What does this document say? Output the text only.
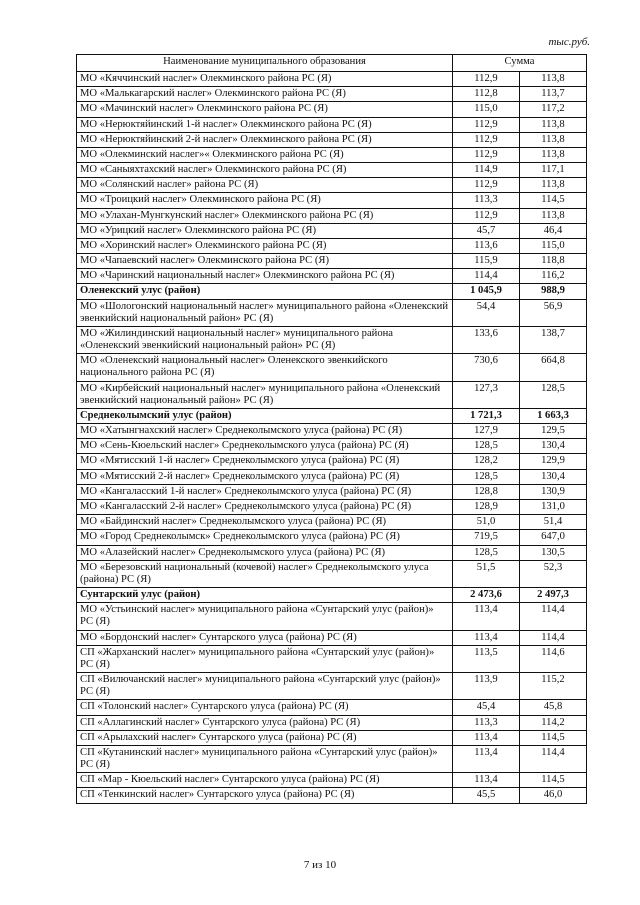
тыс.руб.
Наименование муниципального образования	Сумма	
МО «Кяччинский наслег» Олекминского района РС (Я)	112,9	113,8
МО «Малькагарский наслег» Олекминского района РС (Я)	112,8	113,7
МО «Мачинский наслег» Олекминского района РС (Я)	115,0	117,2
МО «Нерюктяйинский 1-й наслег» Олекминского района РС (Я)	112,9	113,8
МО «Нерюктяйинский 2-й наслег» Олекминского района РС (Я)	112,9	113,8
МО «Олекминский наслег»« Олекминского района РС (Я)	112,9	113,8
МО «Саныяхтахский наслег» Олекминского района РС (Я)	114,9	117,1
МО «Солянский наслег» района РС (Я)	112,9	113,8
МО «Троицкий наслег» Олекминского района РС (Я)	113,3	114,5
МО «Улахан-Мунгкунский наслег» Олекминского района РС (Я)	112,9	113,8
МО «Урицкий наслег» Олекминского района РС (Я)	45,7	46,4
МО «Хоринский наслег» Олекминского района РС (Я)	113,6	115,0
МО «Чапаевский наслег» Олекминского района РС (Я)	115,9	118,8
МО «Чаринский национальный наслег» Олекминского района РС (Я)	114,4	116,2
Оленекский улус (район)	1 045,9	988,9
МО «Шологонский национальный наслег» муниципального района «Оленекский эвенкийский национальный район» РС (Я)	54,4	56,9
МО «Жилиндинский национальный наслег» муниципального района «Оленекский эвенкийский национальный район» РС (Я)	133,6	138,7
МО «Оленекский национальный наслег» Оленекского эвенкийского национального района РС (Я)	730,6	664,8
МО «Кирбейский национальный наслег» муниципального района «Оленекский эвенкийский национальный район» РС (Я)	127,3	128,5
Среднеколымский улус (район)	1 721,3	1 663,3
МО «Хатынгнахский наслег» Среднеколымского улуса (района) РС (Я)	127,9	129,5
МО «Сень-Кюельский наслег» Среднеколымского улуса (района) РС (Я)	128,5	130,4
МО «Мятисский 1-й наслег» Среднеколымского улуса (района) РС (Я)	128,2	129,9
МО «Мятисский 2-й наслег» Среднеколымского улуса (района) РС (Я)	128,5	130,4
МО «Кангаласский 1-й наслег» Среднеколымского улуса (района) РС (Я)	128,8	130,9
МО «Кангаласский 2-й наслег» Среднеколымского улуса (района) РС (Я)	128,9	131,0
МО «Байдинский наслег» Среднеколымского улуса (района) РС (Я)	51,0	51,4
МО «Город Среднеколымск» Среднеколымского улуса (района) РС (Я)	719,5	647,0
МО «Алазейский наслег» Среднеколымского улуса (района) РС (Я)	128,5	130,5
МО «Березовский национальный (кочевой) наслег» Среднеколымского улуса (района) РС (Я)	51,5	52,3
Сунтарский улус (район)	2 473,6	2 497,3
МО «Устьинский наслег» муниципального района «Сунтарский улус (район)» РС (Я)	113,4	114,4
МО «Бордонский наслег» Сунтарского улуса (района) РС (Я)	113,4	114,4
СП «Жарханский наслег» муниципального района «Сунтарский улус (район)» РС (Я)	113,5	114,6
СП «Вилючанский наслег» муниципального района «Сунтарский улус (район)» РС (Я)	113,9	115,2
СП «Толонский наслег» Сунтарского улуса (района) РС (Я)	45,4	45,8
СП «Аллагинский наслег» Сунтарского улуса (района) РС (Я)	113,3	114,2
СП «Арылахский наслег» Сунтарского улуса (района) РС (Я)	113,4	114,5
СП «Кутанинский наслег» муниципального района «Сунтарский улус (район)» РС (Я)	113,4	114,4
СП «Мар - Кюельский наслег» Сунтарского улуса (района) РС (Я)	113,4	114,5
СП «Тенкинский наслег» Сунтарского улуса (района) РС (Я)	45,5	46,0
7 из 10
